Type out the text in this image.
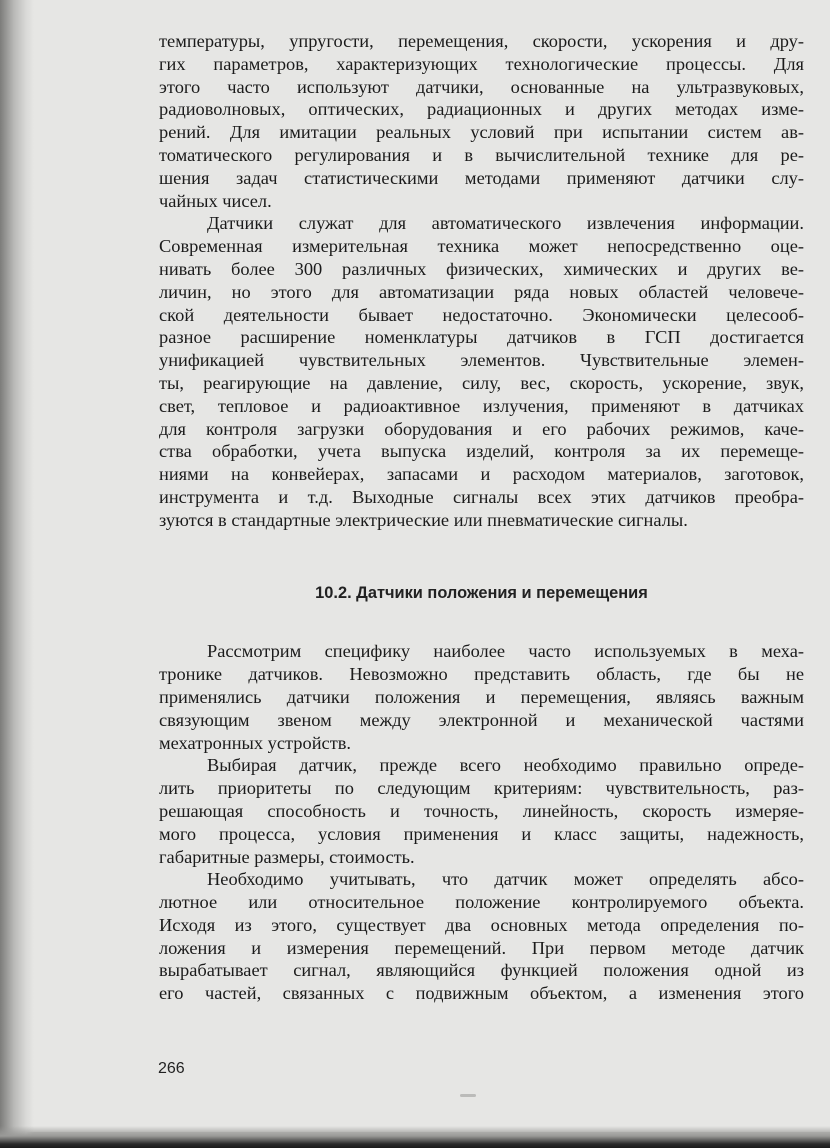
температуры, упругости, перемещения, скорости, ускорения и дру-
гих параметров, характеризующих технологические процессы. Для
этого часто используют датчики, основанные на ультразвуковых,
радиоволновых, оптических, радиационных и других методах изме-
рений. Для имитации реальных условий при испытании систем ав-
томатического регулирования и в вычислительной технике для ре-
шения задач статистическими методами применяют датчики слу-
чайных чисел.

Датчики служат для автоматического извлечения информации.
Современная измерительная техника может непосредственно оце-
нивать более 300 различных физических, химических и других ве-
личин, но этого для автоматизации ряда новых областей человече-
ской деятельности бывает недостаточно. Экономически целесооб-
разное расширение номенклатуры датчиков в ГСП достигается
унификацией чувствительных элементов. Чувствительные элемен-
ты, реагирующие на давление, силу, вес, скорость, ускорение, звук,
свет, тепловое и радиоактивное излучения, применяют в датчиках
для контроля загрузки оборудования и его рабочих режимов, каче-
ства обработки, учета выпуска изделий, контроля за их перемеще-
ниями на конвейерах, запасами и расходом материалов, заготовок,
инструмента и т.д. Выходные сигналы всех этих датчиков преобра-
зуются в стандартные электрические или пневматические сигналы.

10.2. Датчики положения и перемещения

Рассмотрим специфику наиболее часто используемых в меха-
тронике датчиков. Невозможно представить область, где бы не
применялись датчики положения и перемещения, являясь важным
связующим звеном между электронной и механической частями
мехатронных устройств.

Выбирая датчик, прежде всего необходимо правильно опреде-
лить приоритеты по следующим критериям: чувствительность, раз-
решающая способность и точность, линейность, скорость измеряе-
мого процесса, условия применения и класс защиты, надежность,
габаритные размеры, стоимость.

Необходимо учитывать, что датчик может определять абсо-
лютное или относительное положение контролируемого объекта.
Исходя из этого, существует два основных метода определения по-
ложения и измерения перемещений. При первом методе датчик
вырабатывает сигнал, являющийся функцией положения одной из
его частей, связанных с подвижным объектом, а изменения этого

266
